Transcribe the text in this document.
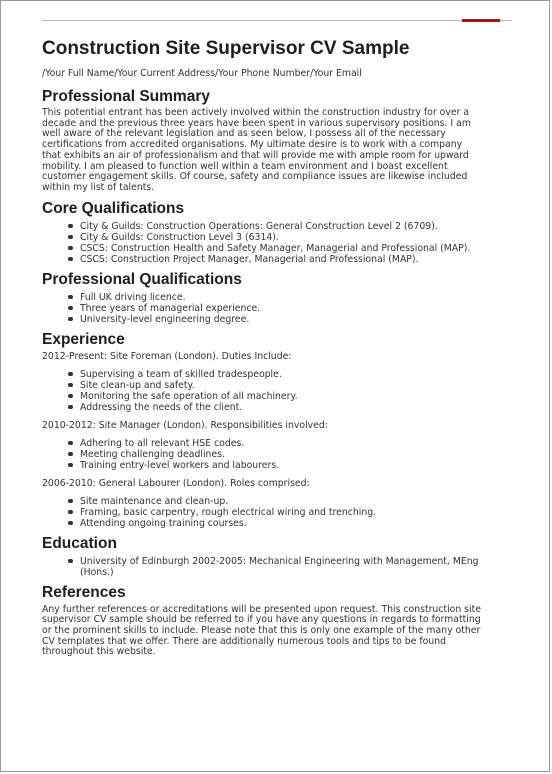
Construction Site Supervisor CV Sample
/Your Full Name/Your Current Address/Your Phone Number/Your Email
Professional Summary
This potential entrant has been actively involved within the construction industry for over a
decade and the previous three years have been spent in various supervisory positions. I am
well aware of the relevant legislation and as seen below, I possess all of the necessary
certifications from accredited organisations. My ultimate desire is to work with a company
that exhibits an air of professionalism and that will provide me with ample room for upward
mobility. I am pleased to function well within a team environment and I boast excellent
customer engagement skills. Of course, safety and compliance issues are likewise included
within my list of talents.
Core Qualifications
City & Guilds: Construction Operations: General Construction Level 2 (6709).
City & Guilds: Construction Level 3 (6314).
CSCS: Construction Health and Safety Manager, Managerial and Professional (MAP).
CSCS: Construction Project Manager, Managerial and Professional (MAP).
Professional Qualifications
Full UK driving licence.
Three years of managerial experience.
University-level engineering degree.
Experience
2012-Present: Site Foreman (London). Duties Include:
Supervising a team of skilled tradespeople.
Site clean-up and safety.
Monitoring the safe operation of all machinery.
Addressing the needs of the client.
2010-2012: Site Manager (London). Responsibilities involved:
Adhering to all relevant HSE codes.
Meeting challenging deadlines.
Training entry-level workers and labourers.
2006-2010: General Labourer (London). Roles comprised:
Site maintenance and clean-up.
Framing, basic carpentry, rough electrical wiring and trenching.
Attending ongoing training courses.
Education
University of Edinburgh 2002-2005: Mechanical Engineering with Management, MEng (Hons.)
References
Any further references or accreditations will be presented upon request. This construction site
supervisor CV sample should be referred to if you have any questions in regards to formatting
or the prominent skills to include. Please note that this is only one example of the many other
CV templates that we offer. There are additionally numerous tools and tips to be found
throughout this website.
